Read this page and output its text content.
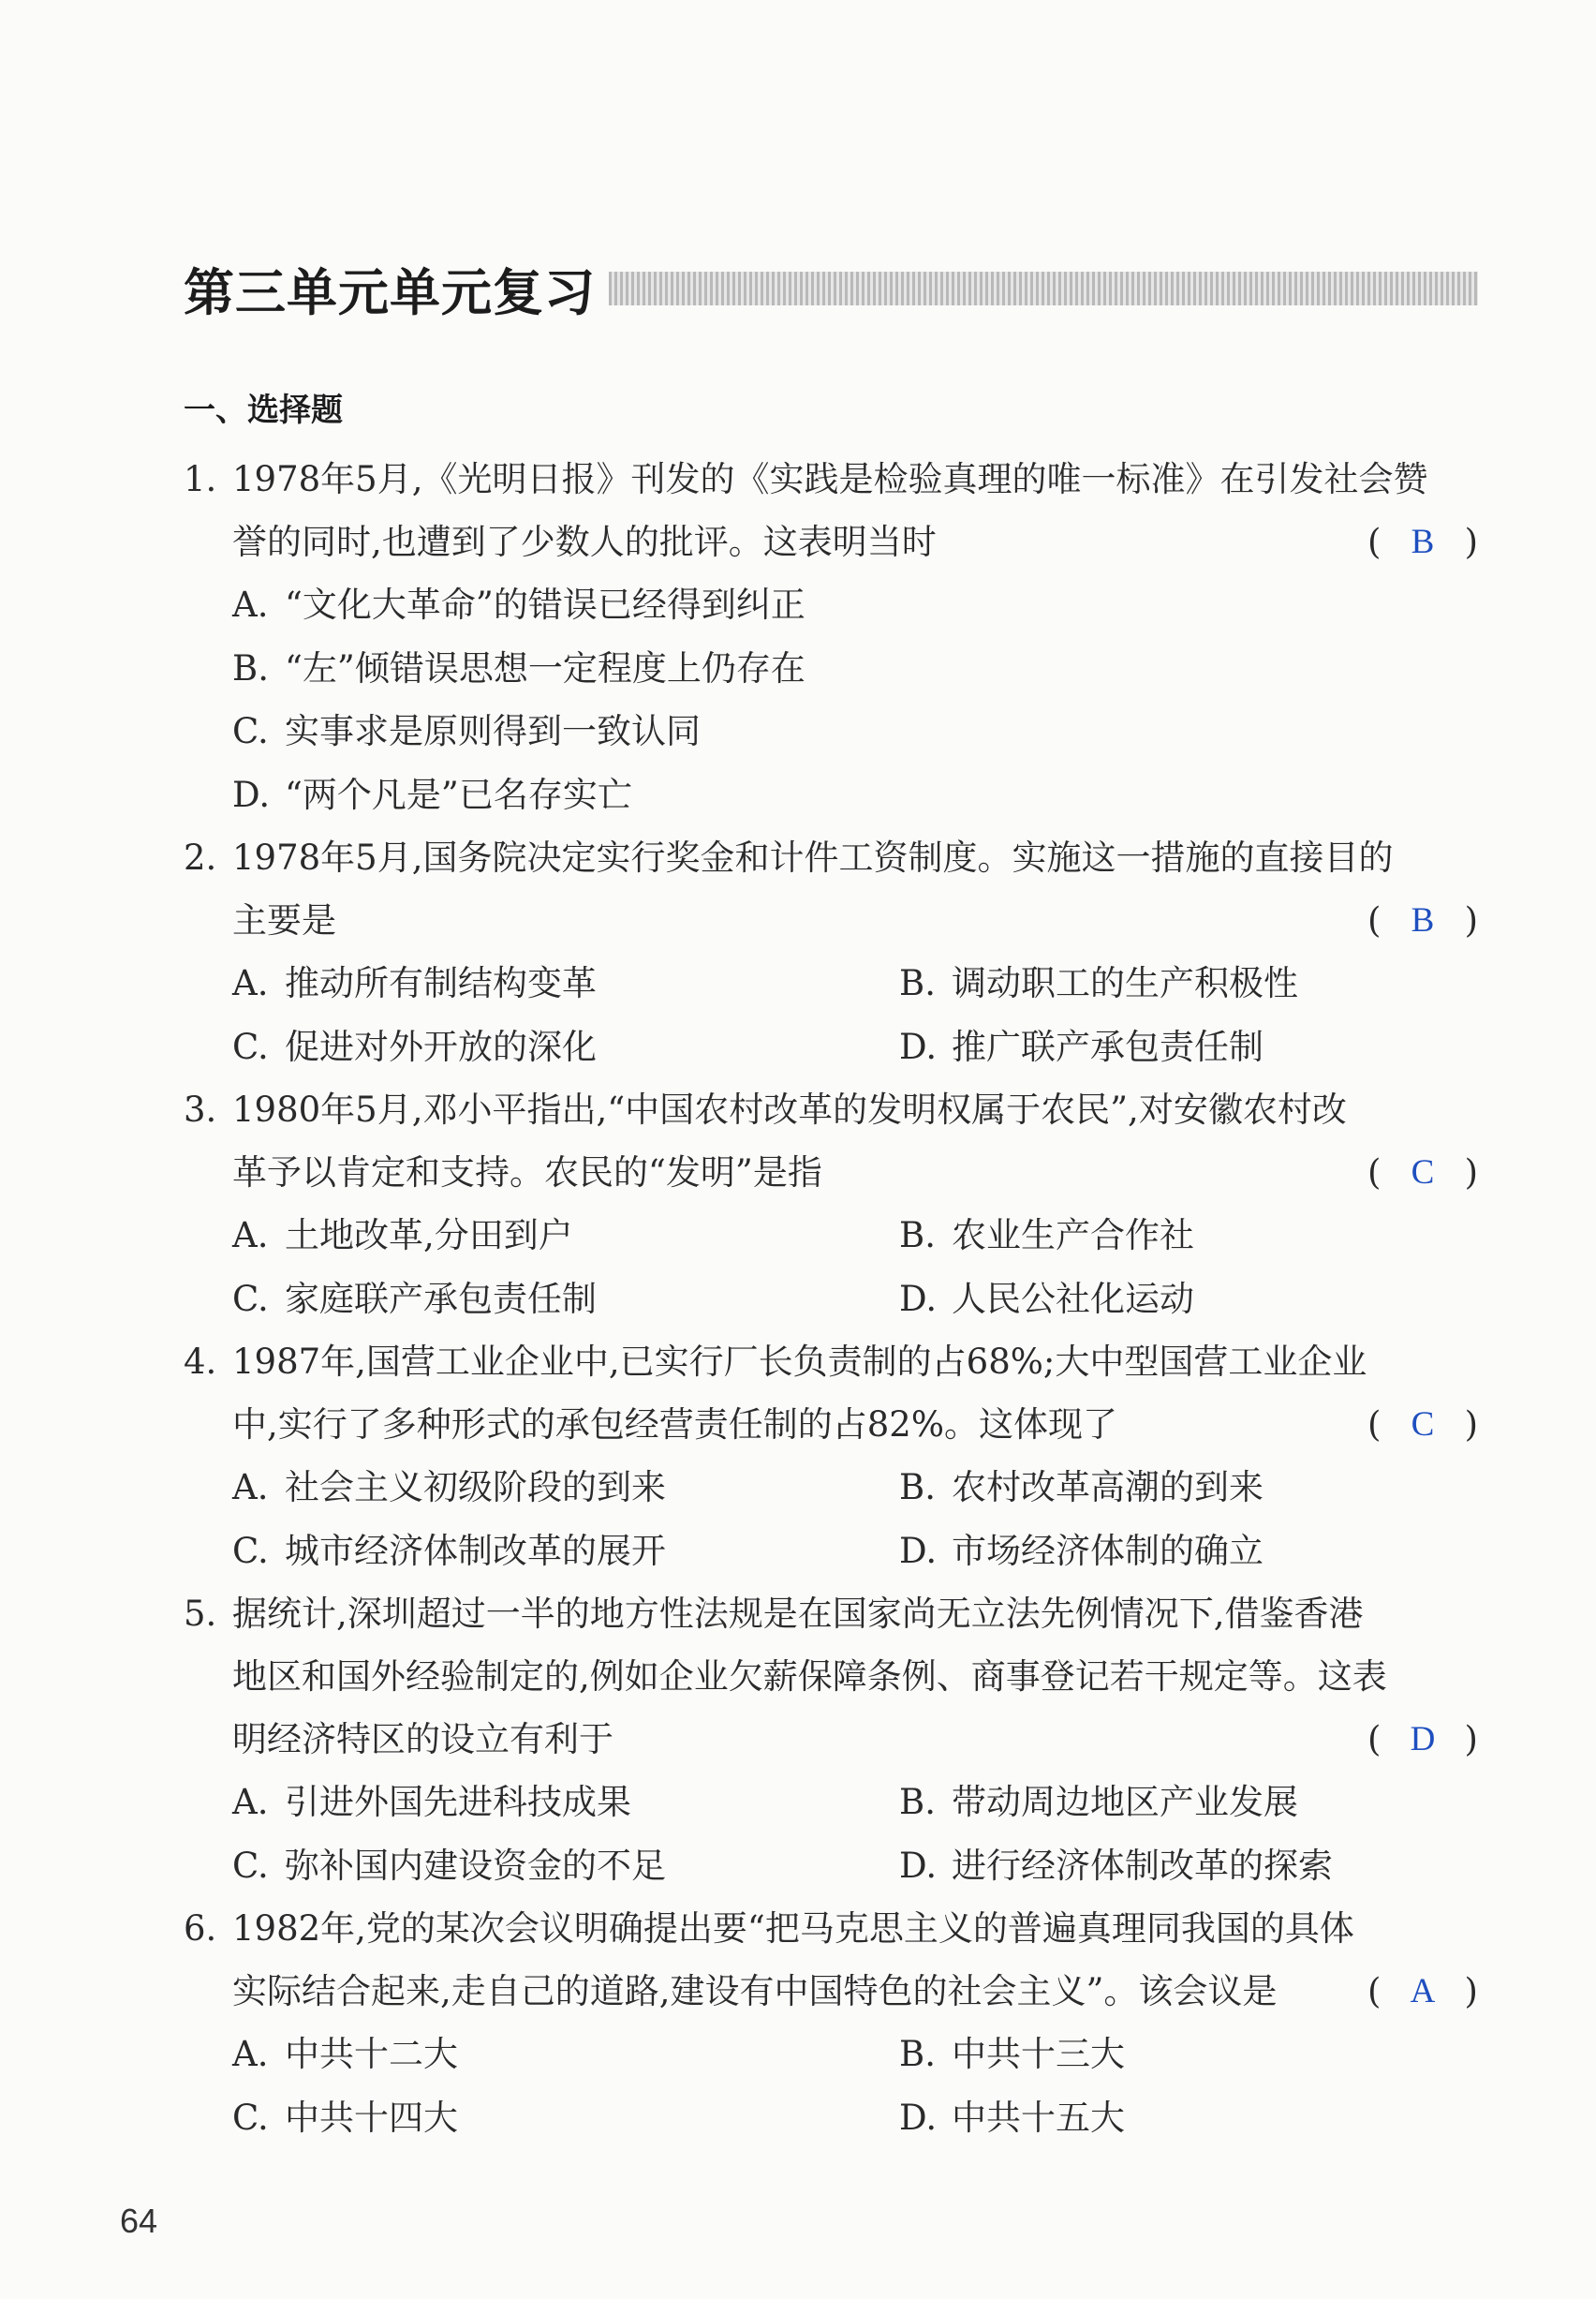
第三单元单元复习
一、选择题
1. 1978年5月,《光明日报》刊发的《实践是检验真理的唯一标准》在引发社会赞
誉的同时,也遭到了少数人的批评。这表明当时	( B )
A. “文化大革命”的错误已经得到纠正
B. “左”倾错误思想一定程度上仍存在
C. 实事求是原则得到一致认同
D. “两个凡是”已名存实亡
2. 1978年5月,国务院决定实行奖金和计件工资制度。实施这一措施的直接目的
主要是	( B )
A. 推动所有制结构变革	B. 调动职工的生产积极性
C. 促进对外开放的深化	D. 推广联产承包责任制
3. 1980年5月,邓小平指出,“中国农村改革的发明权属于农民”,对安徽农村改
革予以肯定和支持。农民的“发明”是指	( C )
A. 土地改革,分田到户	B. 农业生产合作社
C. 家庭联产承包责任制	D. 人民公社化运动
4. 1987年,国营工业企业中,已实行厂长负责制的占68%;大中型国营工业企业
中,实行了多种形式的承包经营责任制的占82%。这体现了	( C )
A. 社会主义初级阶段的到来	B. 农村改革高潮的到来
C. 城市经济体制改革的展开	D. 市场经济体制的确立
5. 据统计,深圳超过一半的地方性法规是在国家尚无立法先例情况下,借鉴香港
地区和国外经验制定的,例如企业欠薪保障条例、商事登记若干规定等。这表
明经济特区的设立有利于	( D )
A. 引进外国先进科技成果	B. 带动周边地区产业发展
C. 弥补国内建设资金的不足	D. 进行经济体制改革的探索
6. 1982年,党的某次会议明确提出要“把马克思主义的普遍真理同我国的具体
实际结合起来,走自己的道路,建设有中国特色的社会主义”。该会议是	( A )
A. 中共十二大	B. 中共十三大
C. 中共十四大	D. 中共十五大
64
